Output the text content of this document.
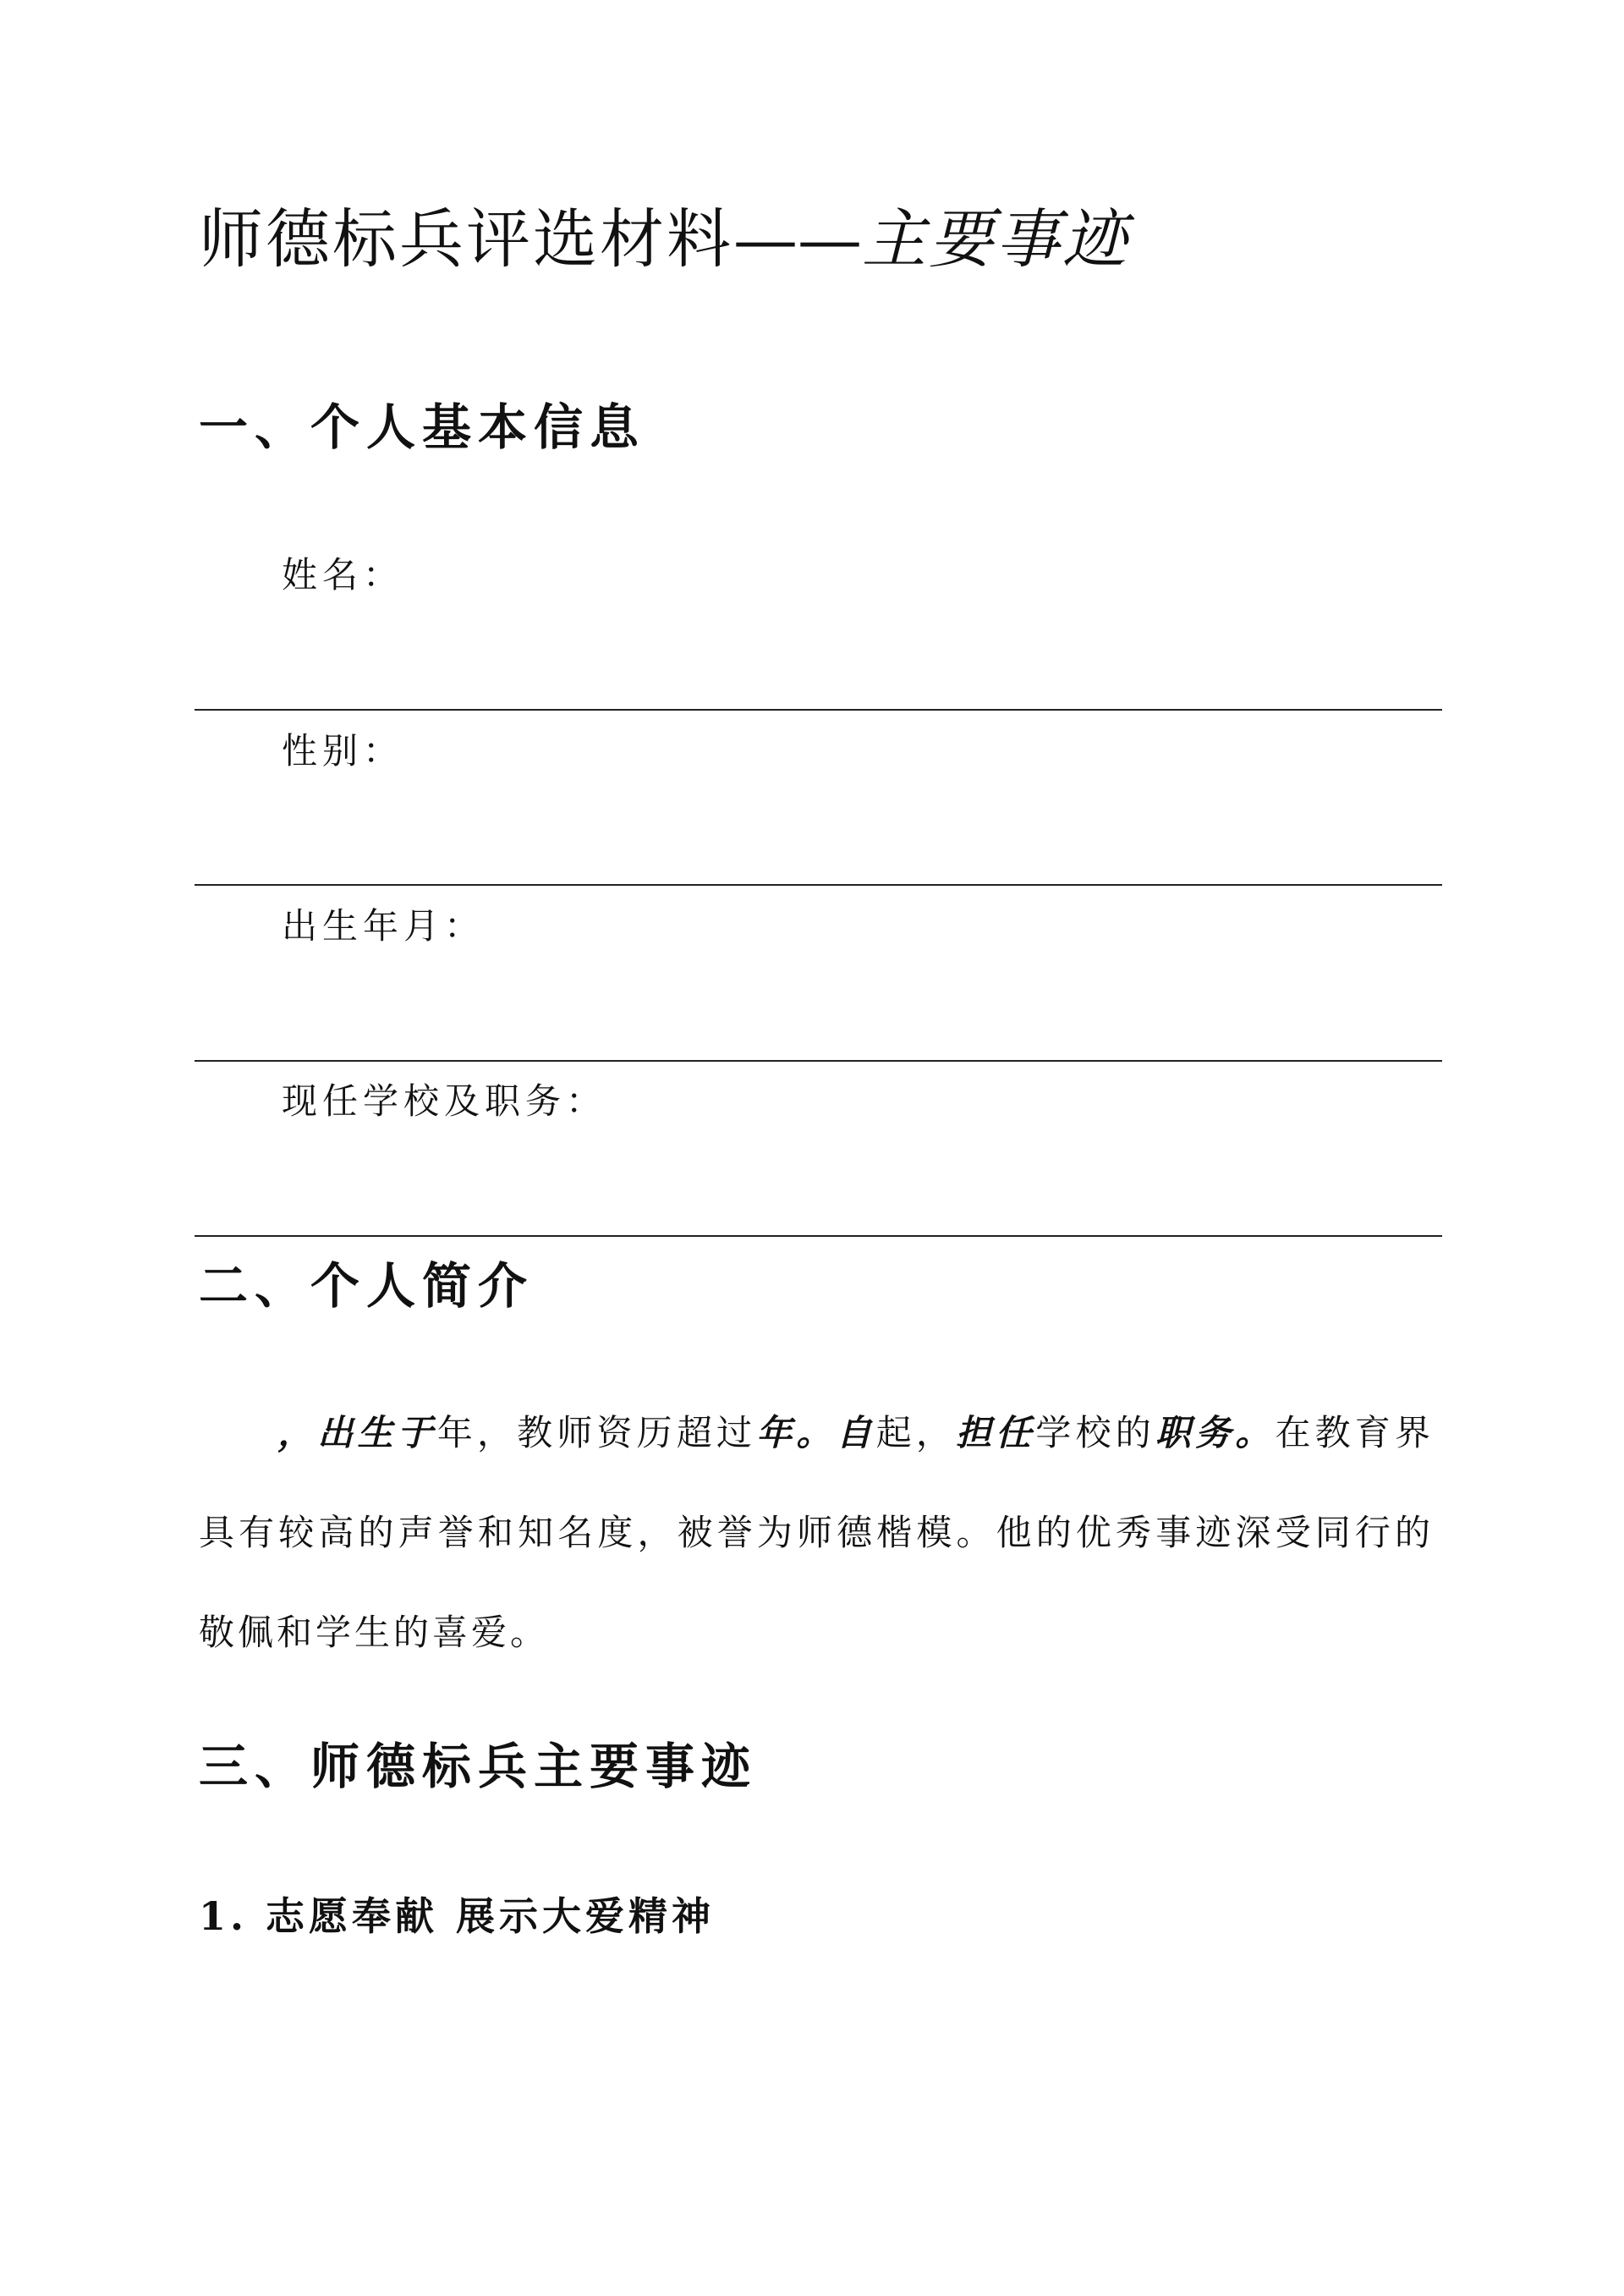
师德标兵评选材料——主要事迹
一、个人基本信息
姓名：
性别：
出生年月：
现任学校及职务：
二、个人简介

，出生于年，教师资历超过年。自起，担任学校的职务。在教育界具有较高的声誉和知名度，被誉为师德楷模。他的优秀事迹深受同行的敬佩和学生的喜爱。

三、师德标兵主要事迹
1. 志愿奉献 展示大爱精神
